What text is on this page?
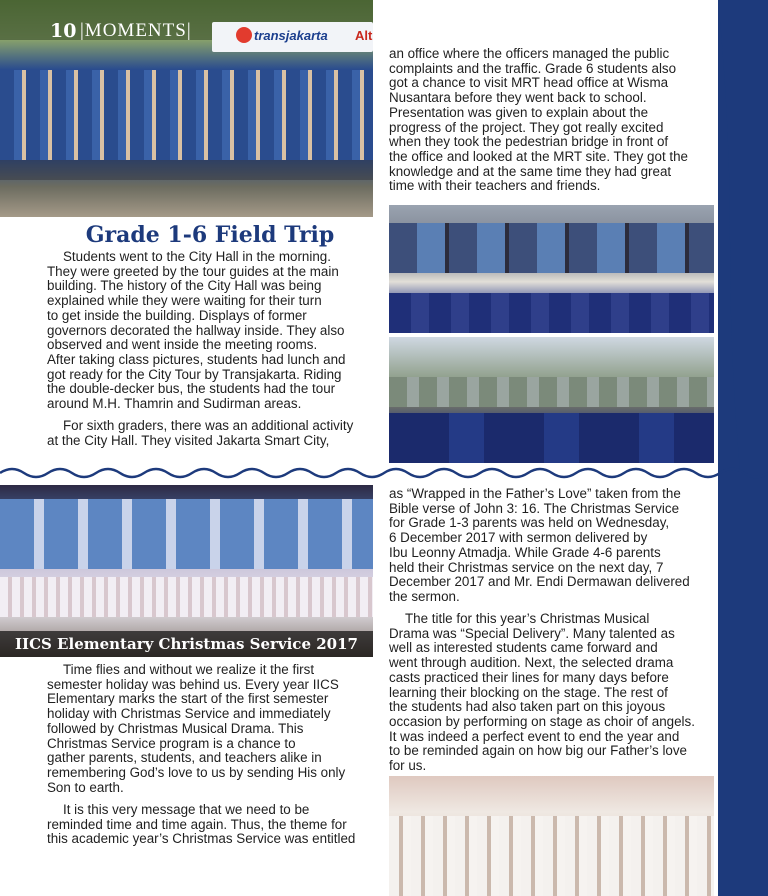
transjakarta Alt
10 |MOMENTS|
Grade 1-6 Field Trip
Students went to the City Hall in the morning.
They were greeted by the tour guides at the main
building. The history of the City Hall was being
explained while they were waiting for their turn
to get inside the building. Displays of former
governors decorated the hallway inside. They also
observed and went inside the meeting rooms.
After taking class pictures, students had lunch and
got ready for the City Tour by Transjakarta. Riding
the double-decker bus, the students had the tour
around M.H. Thamrin and Sudirman areas.
For sixth graders, there was an additional activity
at the City Hall. They visited Jakarta Smart City,
an office where the officers managed the public
complaints and the traffic. Grade 6 students also
got a chance to visit MRT head office at Wisma
Nusantara before they went back to school.
Presentation was given to explain about the
progress of the project. They got really excited
when they took the pedestrian bridge in front of
the office and looked at the MRT site. They got the
knowledge and at the same time they had great
time with their teachers and friends.
IICS Elementary Christmas Service 2017
Time flies and without we realize it the first
semester holiday was behind us. Every year IICS
Elementary marks the start of the first semester
holiday with Christmas Service and immediately
followed by Christmas Musical Drama. This
Christmas Service program is a chance to
gather parents, students, and teachers alike in
remembering God’s love to us by sending His only
Son to earth.
It is this very message that we need to be
reminded time and time again. Thus, the theme for
this academic year’s Christmas Service was entitled
as “Wrapped in the Father’s Love” taken from the
Bible verse of John 3: 16. The Christmas Service
for Grade 1-3 parents was held on Wednesday,
6 December 2017 with sermon delivered by
Ibu Leonny Atmadja. While Grade 4-6 parents
held their Christmas service on the next day, 7
December 2017 and Mr. Endi Dermawan delivered
the sermon.
The title for this year’s Christmas Musical
Drama was “Special Delivery”. Many talented as
well as interested students came forward and
went through audition. Next, the selected drama
casts practiced their lines for many days before
learning their blocking on the stage. The rest of
the students had also taken part on this joyous
occasion by performing on stage as choir of angels.
It was indeed a perfect event to end the year and
to be reminded again on how big our Father’s love
for us.
